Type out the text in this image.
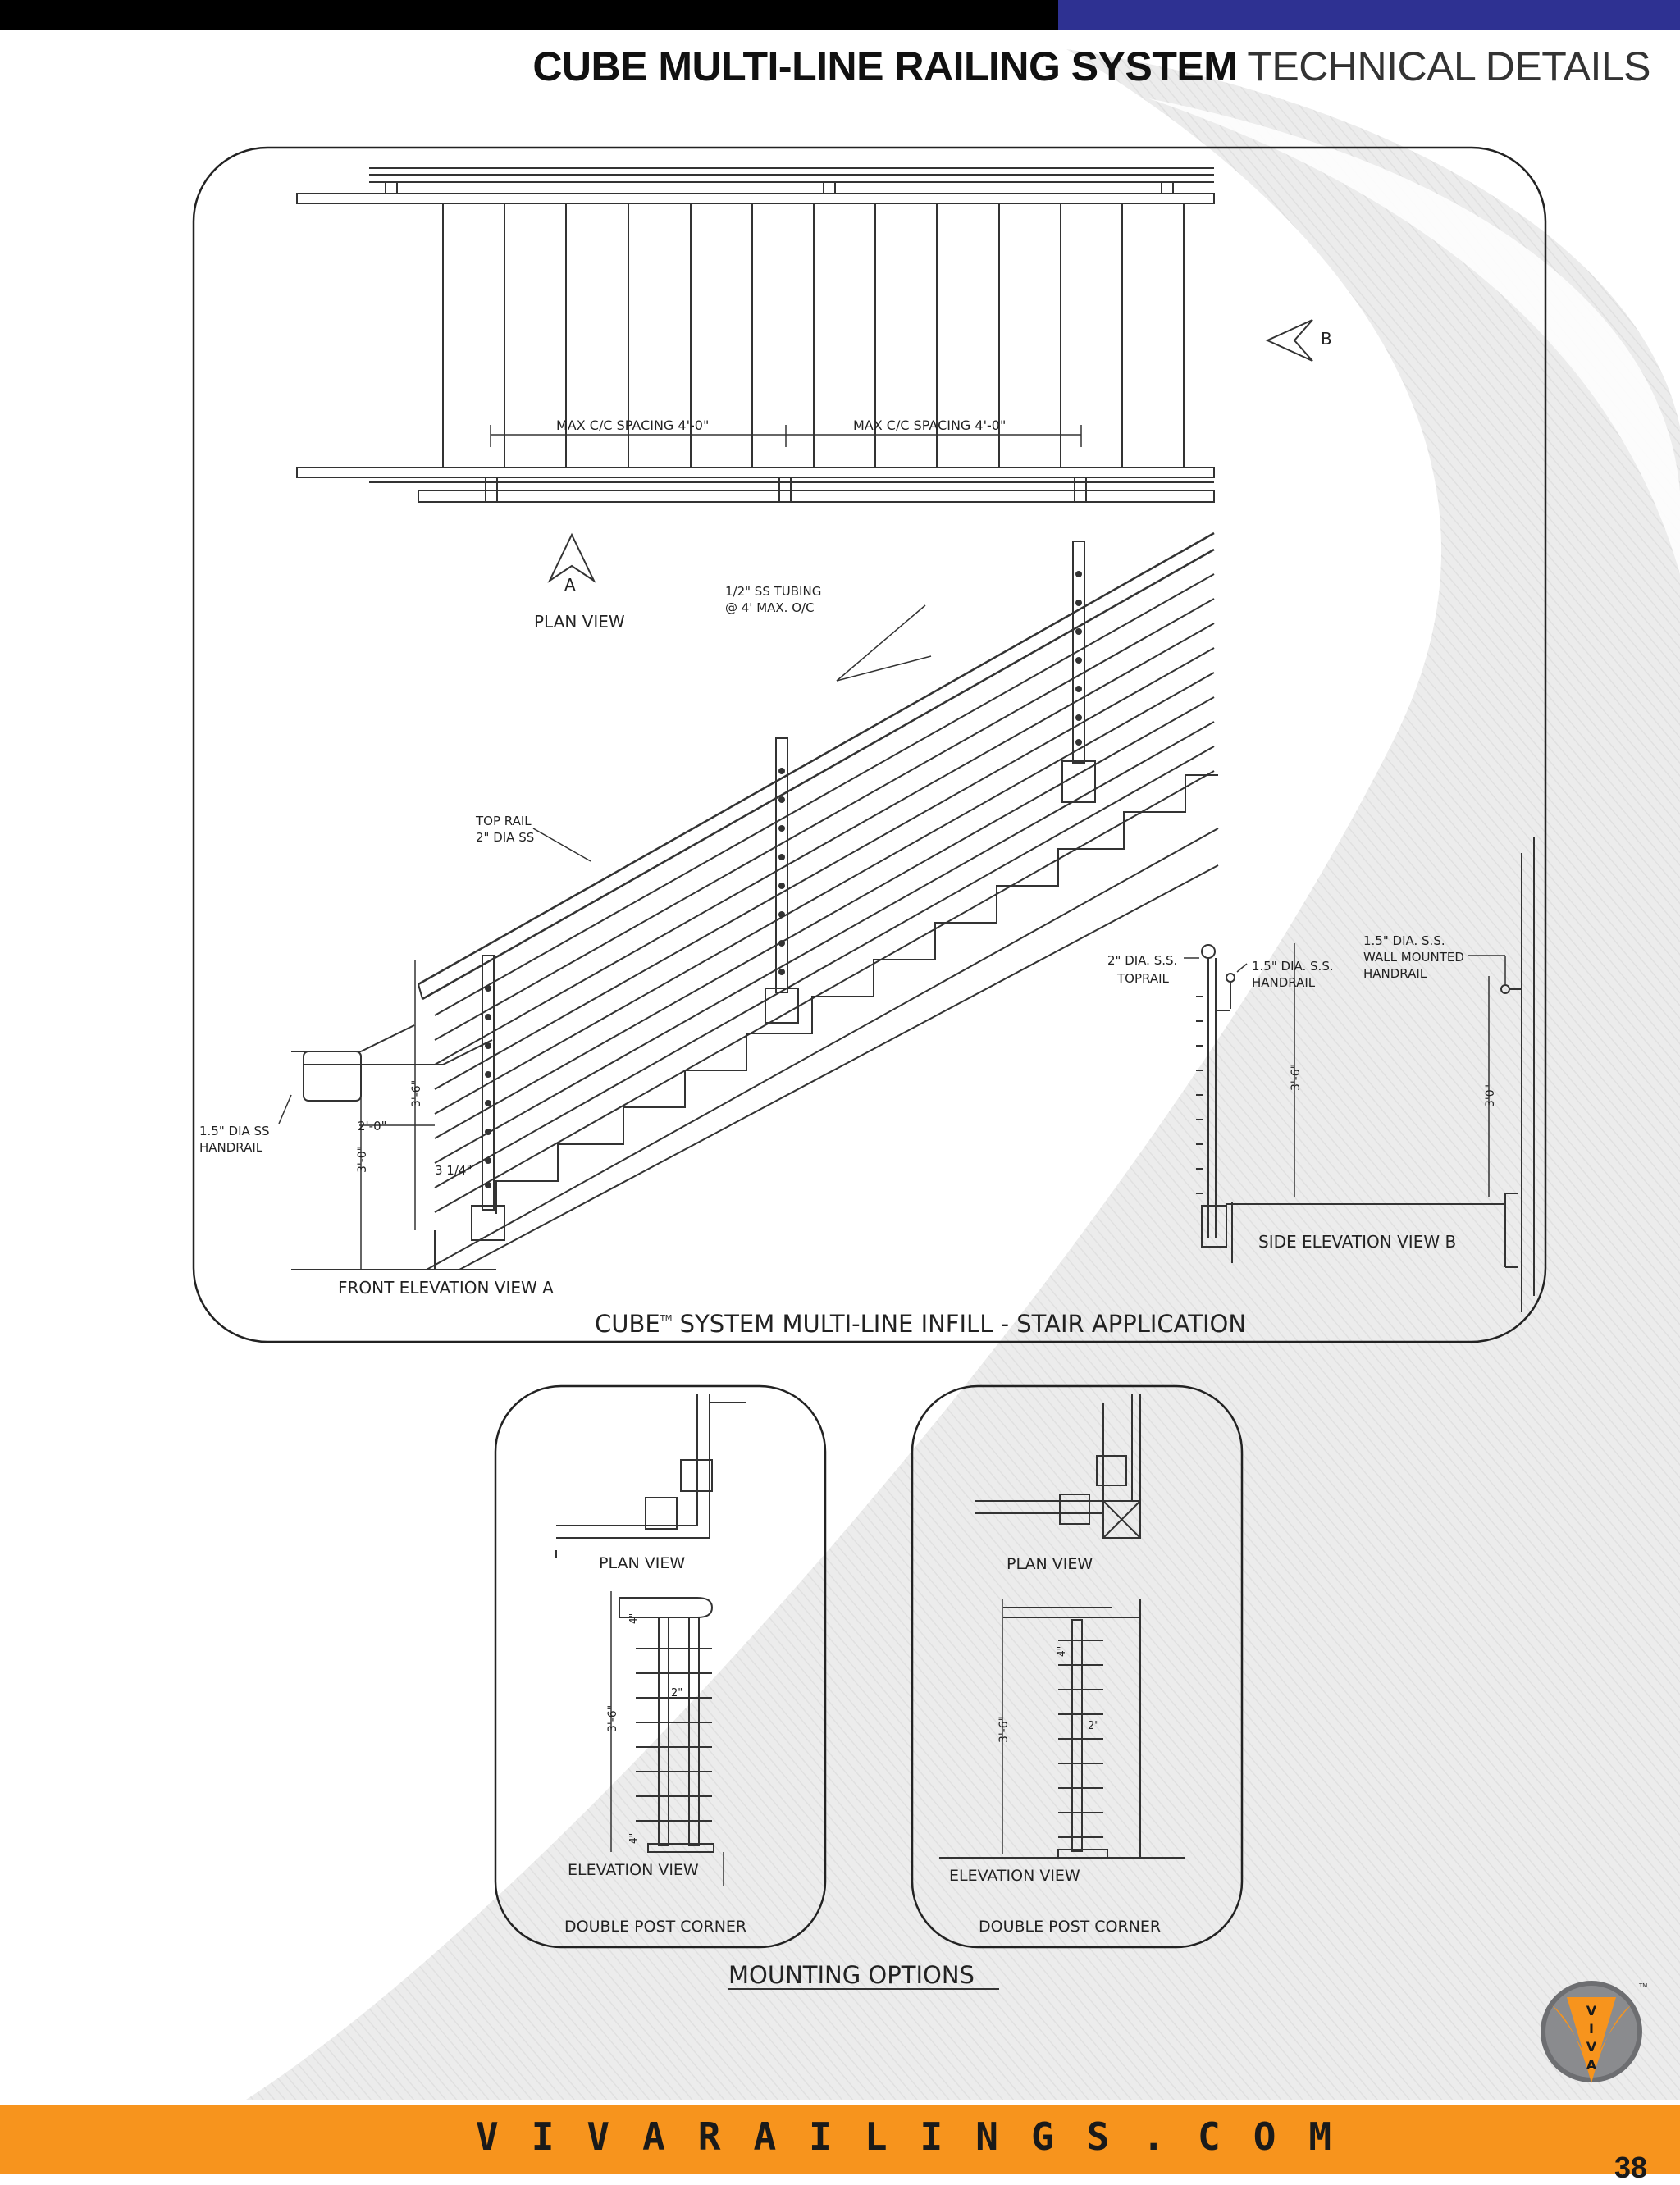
CUBE MULTI-LINE RAILING SYSTEM TECHNICAL DETAILS
MAX C/C SPACING 4'-0"	MAX C/C SPACING 4'-0"
B
A
PLAN VIEW
1/2" SS TUBING
@ 4' MAX. O/C
TOP RAIL
2" DIA SS
1.5" DIA SS
HANDRAIL
2'-0"
3 1/4"
3'-6"
3'-0"
FRONT ELEVATION VIEW A
2" DIA. S.S.
TOPRAIL
1.5" DIA. S.S.
HANDRAIL
1.5" DIA. S.S.
WALL MOUNTED
HANDRAIL
3'-6"
3'0"
SIDE ELEVATION VIEW B
CUBE™ SYSTEM MULTI-LINE INFILL - STAIR APPLICATION
PLAN VIEW
4"
2"
3'-6"
4"
ELEVATION VIEW
DOUBLE POST CORNER
PLAN VIEW
4"
2"
3'-6"
ELEVATION VIEW
DOUBLE POST CORNER
MOUNTING OPTIONS
V
I
V
A
TM
VIVARAILINGS.COM
38
